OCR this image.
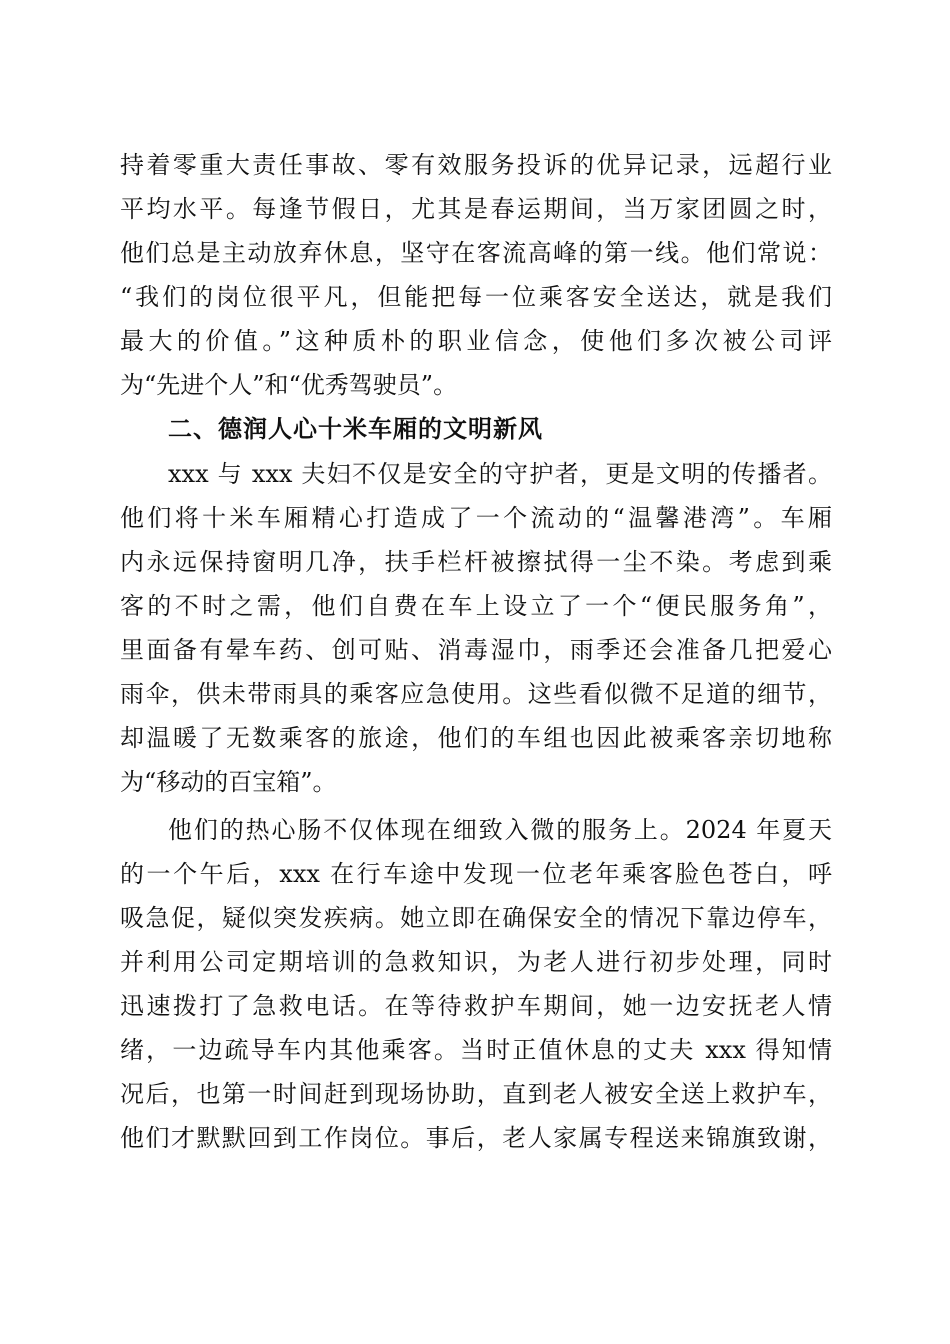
持着零重大责任事故、零有效服务投诉的优异记录，远超行业
平均水平。每逢节假日，尤其是春运期间，当万家团圆之时，
他们总是主动放弃休息，坚守在客流高峰的第一线。他们常说：
“我们的岗位很平凡，但能把每一位乘客安全送达，就是我们
最大的价值。”这种质朴的职业信念，使他们多次被公司评
为“先进个人”和“优秀驾驶员”。
二、德润人心十米车厢的文明新风
xxx 与 xxx 夫妇不仅是安全的守护者，更是文明的传播者。
他们将十米车厢精心打造成了一个流动的“温馨港湾”。车厢
内永远保持窗明几净，扶手栏杆被擦拭得一尘不染。考虑到乘
客的不时之需，他们自费在车上设立了一个“便民服务角”，
里面备有晕车药、创可贴、消毒湿巾，雨季还会准备几把爱心
雨伞，供未带雨具的乘客应急使用。这些看似微不足道的细节，
却温暖了无数乘客的旅途，他们的车组也因此被乘客亲切地称
为“移动的百宝箱”。
他们的热心肠不仅体现在细致入微的服务上。2024 年夏天
的一个午后，xxx 在行车途中发现一位老年乘客脸色苍白，呼
吸急促，疑似突发疾病。她立即在确保安全的情况下靠边停车，
并利用公司定期培训的急救知识，为老人进行初步处理，同时
迅速拨打了急救电话。在等待救护车期间，她一边安抚老人情
绪，一边疏导车内其他乘客。当时正值休息的丈夫 xxx 得知情
况后，也第一时间赶到现场协助，直到老人被安全送上救护车，
他们才默默回到工作岗位。事后，老人家属专程送来锦旗致谢，
